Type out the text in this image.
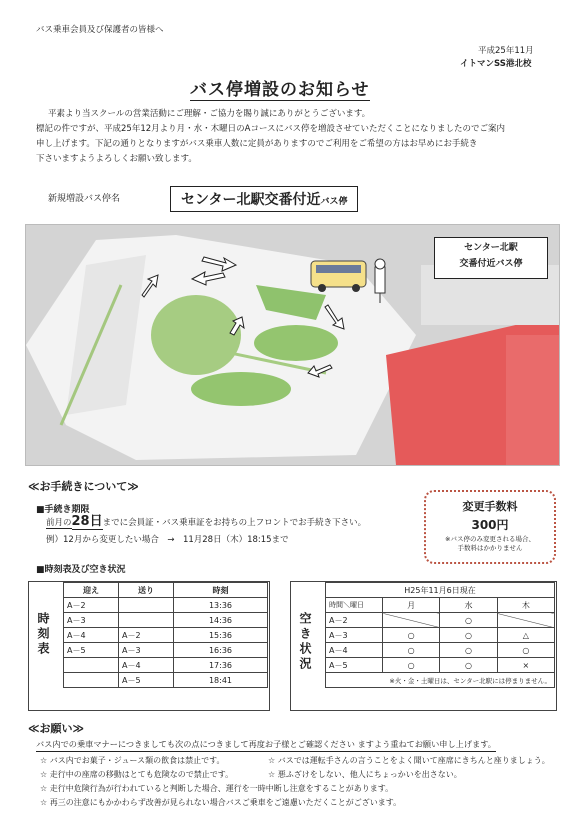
バス乗車会員及び保護者の皆様へ
平成25年11月
イトマンSS港北校
バス停増設のお知らせ
平素より当スクールの営業活動にご理解・ご協力を賜り誠にありがとうございます。
標記の件ですが、平成25年12月より月・水・木曜日のAコースにバス停を増設させていただくことになりましたのでご案内
申し上げます。下記の通りとなりますがバス乗車人数に定員がありますのでご利用をご希望の方はお早めにお手続き
下さいますようよろしくお願い致します。
新規増設バス停名	センター北駅交番付近バス停
センター北駅
交番付近バス停
≪お手続きについて≫
■手続き期限
前月の28日までに会員証・バス乗車証をお持ちの上フロントでお手続き下さい。
例）12月から変更したい場合　→　11月28日（木）18:15まで
変更手数料
300円
※バス停のみ変更される場合、
手数料はかかりません
■時刻表及び空き状況
時刻表
迎え	送り	時刻
A－2		13:36
A－3		14:36
A－4	A－2	15:36
A－5	A－3	16:36
	A－4	17:36
	A－5	18:41
空き状況
H25年11月6日現在			
時間＼曜日	月	水	木
A－2		○	
A－3	○	○	△
A－4	○	○	○
A－5	○	○	×
※火・金・土曜日は、センター北駅には停まりません。			
≪お願い≫
バス内での乗車マナーにつきましても次の点につきまして再度お子様とご確認ください ますよう重ねてお願い申し上げます。
☆ バス内でお菓子・ジュース類の飲食は禁止です。
☆ 走行中の座席の移動はとても危険なので禁止です。
☆ 走行中危険行為が行われていると判断した場合、運行を一時中断し注意をすることがあります。
☆ 再三の注意にもかかわらず改善が見られない場合バスご乗車をご遠慮いただくことがございます。
☆ バスでは運転手さんの言うことをよく聞いて座席にきちんと座りましょう。
☆ 悪ふざけをしない、他人にちょっかいを出さない。
